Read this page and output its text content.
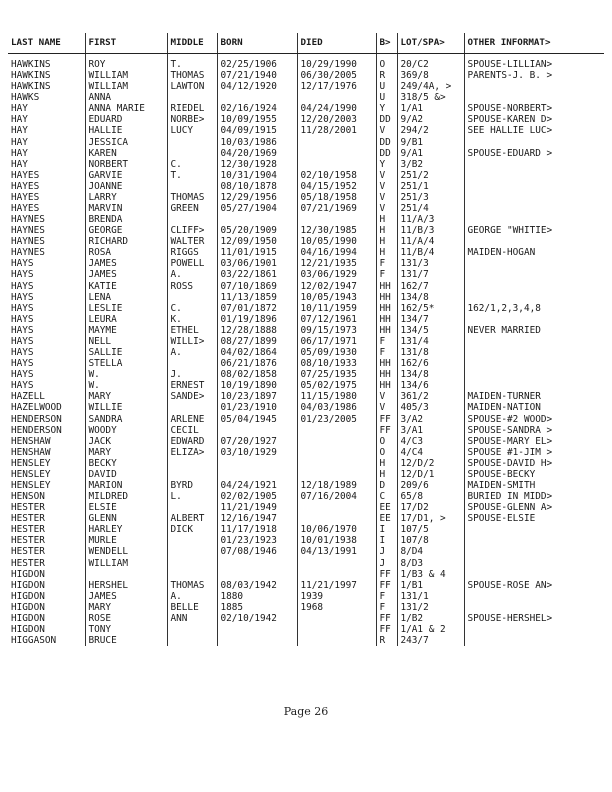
LAST NAME	FIRST	MIDDLE	BORN	DIED	B>	LOT/SPA>	OTHER INFORMAT>
HAWKINS	ROY	T.	02/25/1906	10/29/1990	O	20/C2	SPOUSE-LILLIAN>
HAWKINS	WILLIAM	THOMAS	07/21/1940	06/30/2005	R	369/8	PARENTS-J. B. >
HAWKINS	WILLIAM	LAWTON	04/12/1920	12/17/1976	U	249/4A, >	
HAWKS	ANNA				U	318/5 &>	
HAY	ANNA MARIE	RIEDEL	02/16/1924	04/24/1990	Y	1/A1	SPOUSE-NORBERT>
HAY	EDUARD	NORBE>	10/09/1955	12/20/2003	DD	9/A2	SPOUSE-KAREN D>
HAY	HALLIE	LUCY	04/09/1915	11/28/2001	V	294/2	SEE HALLIE LUC>
HAY	JESSICA		10/03/1986		DD	9/B1	
HAY	KAREN		04/20/1969		DD	9/A1	SPOUSE-EDUARD >
HAY	NORBERT	C.	12/30/1928		Y	3/B2	
HAYES	GARVIE	T.	10/31/1904	02/10/1958	V	251/2	
HAYES	JOANNE		08/10/1878	04/15/1952	V	251/1	
HAYES	LARRY	THOMAS	12/29/1956	05/18/1958	V	251/3	
HAYES	MARVIN	GREEN	05/27/1904	07/21/1969	V	251/4	
HAYNES	BRENDA				H	11/A/3	
HAYNES	GEORGE	CLIFF>	05/20/1909	12/30/1985	H	11/B/3	GEORGE "WHITIE>
HAYNES	RICHARD	WALTER	12/09/1950	10/05/1990	H	11/A/4	
HAYNES	ROSA	RIGGS	11/01/1915	04/16/1994	H	11/B/4	MAIDEN-HOGAN
HAYS	JAMES	POWELL	03/06/1901	12/21/1935	F	131/3	
HAYS	JAMES	A.	03/22/1861	03/06/1929	F	131/7	
HAYS	KATIE	ROSS	07/10/1869	12/02/1947	HH	162/7	
HAYS	LENA		11/13/1859	10/05/1943	HH	134/8	
HAYS	LESLIE	C.	07/01/1872	10/11/1959	HH	162/5*	162/1,2,3,4,8
HAYS	LEURA	K.	01/19/1896	07/12/1961	HH	134/7	
HAYS	MAYME	ETHEL	12/28/1888	09/15/1973	HH	134/5	NEVER MARRIED
HAYS	NELL	WILLI>	08/27/1899	06/17/1971	F	131/4	
HAYS	SALLIE	A.	04/02/1864	05/09/1930	F	131/8	
HAYS	STELLA		06/21/1876	08/10/1933	HH	162/6	
HAYS	W.	J.	08/02/1858	07/25/1935	HH	134/8	
HAYS	W.	ERNEST	10/19/1890	05/02/1975	HH	134/6	
HAZELL	MARY	SANDE>	10/23/1897	11/15/1980	V	361/2	MAIDEN-TURNER
HAZELWOOD	WILLIE		01/23/1910	04/03/1986	V	405/3	MAIDEN-NATION
HENDERSON	SANDRA	ARLENE	05/04/1945	01/23/2005	FF	3/A2	SPOUSE-#2 WOOD>
HENDERSON	WOODY	CECIL			FF	3/A1	SPOUSE-SANDRA >
HENSHAW	JACK	EDWARD	07/20/1927		O	4/C3	SPOUSE-MARY EL>
HENSHAW	MARY	ELIZA>	03/10/1929		O	4/C4	SPOUSE #1-JIM >
HENSLEY	BECKY				H	12/D/2	SPOUSE-DAVID H>
HENSLEY	DAVID				H	12/D/1	SPOUSE-BECKY
HENSLEY	MARION	BYRD	04/24/1921	12/18/1989	D	209/6	MAIDEN-SMITH
HENSON	MILDRED	L.	02/02/1905	07/16/2004	C	65/8	BURIED IN MIDD>
HESTER	ELSIE		11/21/1949		EE	17/D2	SPOUSE-GLENN A>
HESTER	GLENN	ALBERT	12/16/1947		EE	17/D1, >	SPOUSE-ELSIE
HESTER	HARLEY	DICK	11/17/1918	10/06/1970	I	107/5	
HESTER	MURLE		01/23/1923	10/01/1938	I	107/8	
HESTER	WENDELL		07/08/1946	04/13/1991	J	8/D4	
HESTER	WILLIAM				J	8/D3	
HIGDON					FF	1/B3 & 4	
HIGDON	HERSHEL	THOMAS	08/03/1942	11/21/1997	FF	1/B1	SPOUSE-ROSE AN>
HIGDON	JAMES	A.	1880	1939	F	131/1	
HIGDON	MARY	BELLE	1885	1968	F	131/2	
HIGDON	ROSE	ANN	02/10/1942		FF	1/B2	SPOUSE-HERSHEL>
HIGDON	TONY				FF	1/A1 & 2	
HIGGASON	BRUCE				R	243/7	
Page 26
